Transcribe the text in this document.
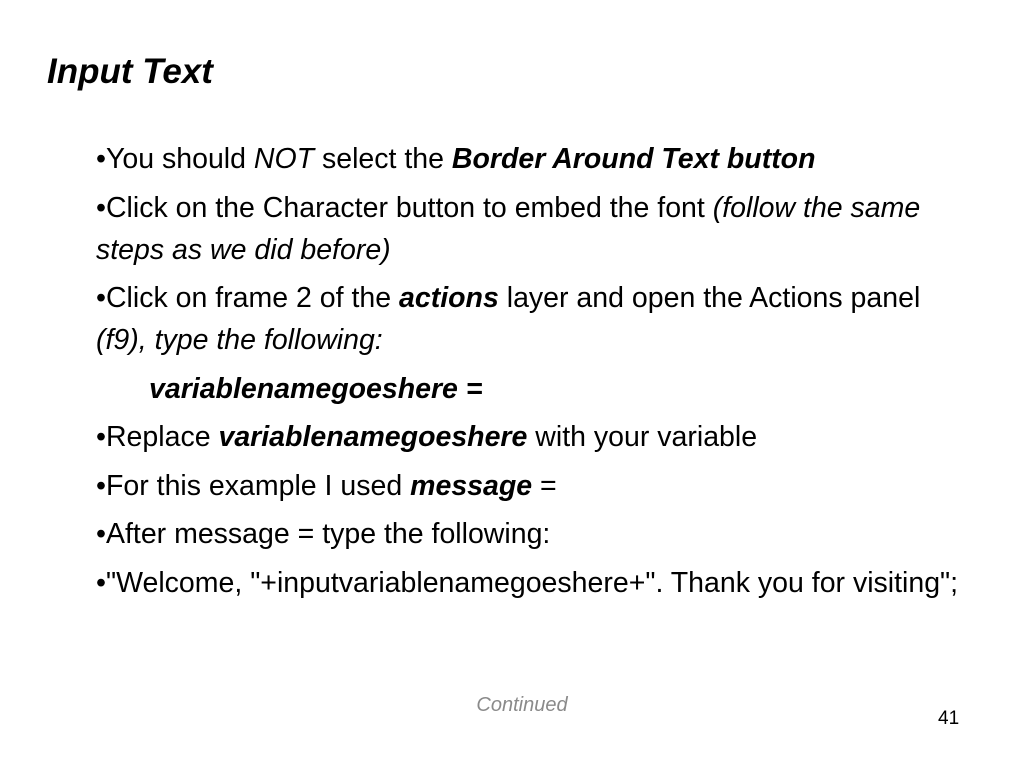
Input Text
•You should NOT select the Border Around Text button
•Click on the Character button to embed the font (follow the same steps as we did before)
•Click on frame 2 of the actions layer and open the Actions panel (f9), type the following:
variablenamegoeshere =
•Replace variablenamegoeshere with your variable
•For this example I used message =
•After message = type the following:
•"Welcome, "+inputvariablenamegoeshere+". Thank you for visiting";
Continued
41
